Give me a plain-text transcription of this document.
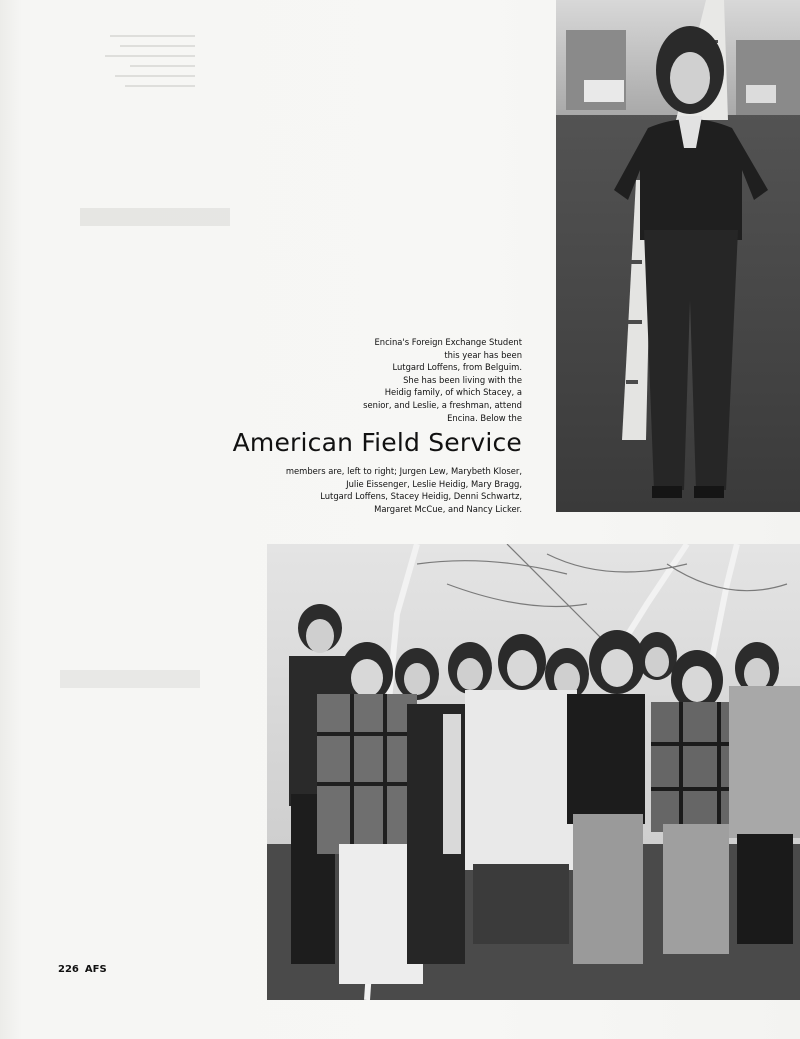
Encina's Foreign Exchange Student
this year has been
Lutgard Loffens, from Belguim.
She has been living with the
Heidig family, of which Stacey, a
senior, and Leslie, a freshman, attend
Encina. Below the
American Field Service
members are, left to right; Jurgen Lew, Marybeth Kloser,
Julie Eissenger, Leslie Heidig, Mary Bragg,
Lutgard Loffens, Stacey Heidig, Denni Schwartz,
Margaret McCue, and Nancy Licker.
226 AFS
